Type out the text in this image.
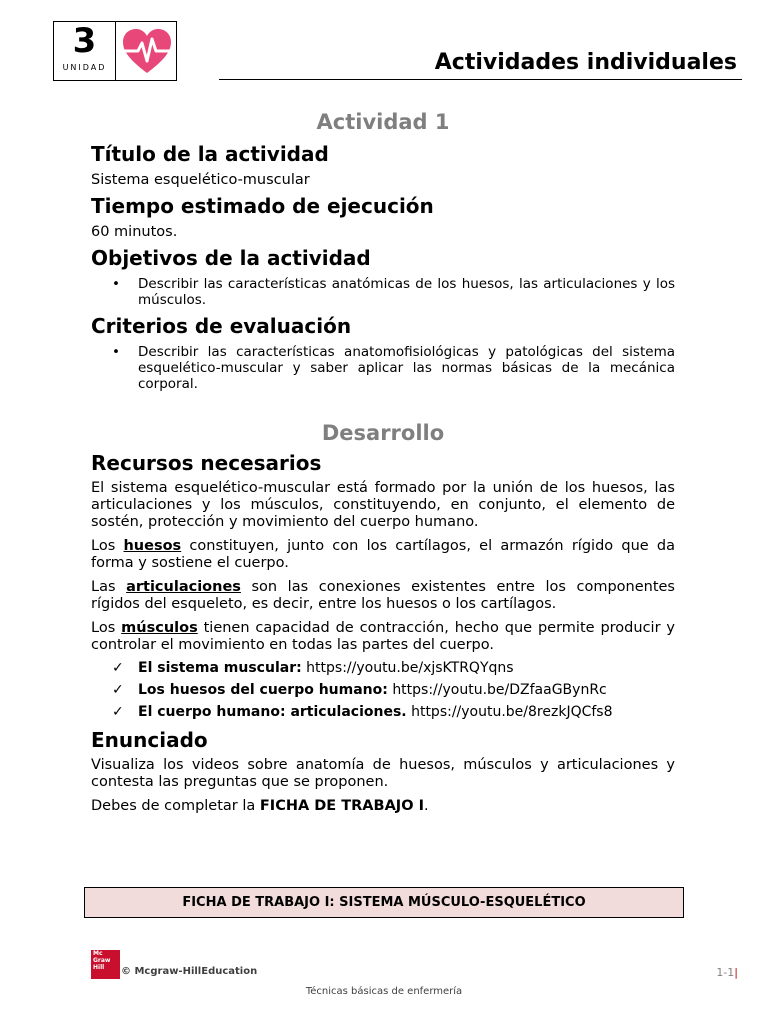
3
UNIDAD	Actividades individuales
Actividad 1
Título de la actividad

Sistema esquelético-muscular

Tiempo estimado de ejecución

60 minutos.

Objetivos de la actividad
• Describir las características anatómicas de los huesos, las articulaciones y los músculos.
Criterios de evaluación
• Describir las características anatomofisiológicas y patológicas del sistema esquelético-muscular y saber aplicar las normas básicas de la mecánica corporal.
Desarrollo
Recursos necesarios

El sistema esquelético-muscular está formado por la unión de los huesos, las articulaciones y los músculos, constituyendo, en conjunto, el elemento de sostén, protección y movimiento del cuerpo humano.

Los huesos constituyen, junto con los cartílagos, el armazón rígido que da forma y sostiene el cuerpo.

Las articulaciones son las conexiones existentes entre los componentes rígidos del esqueleto, es decir, entre los huesos o los cartílagos.

Los músculos tienen capacidad de contracción, hecho que permite producir y controlar el movimiento en todas las partes del cuerpo.

✓ El sistema muscular: https://youtu.be/xjsKTRQYqns
✓ Los huesos del cuerpo humano: https://youtu.be/DZfaaGBynRc
✓ El cuerpo humano: articulaciones. https://youtu.be/8rezkJQCfs8
Enunciado

Visualiza los videos sobre anatomía de huesos, músculos y articulaciones y contesta las preguntas que se proponen.

Debes de completar la FICHA DE TRABAJO I.

FICHA DE TRABAJO I: SISTEMA MÚSCULO-ESQUELÉTICO
Mc
Graw
Hill	© Mcgraw-HillEducation	1-1|
Técnicas básicas de enfermería
